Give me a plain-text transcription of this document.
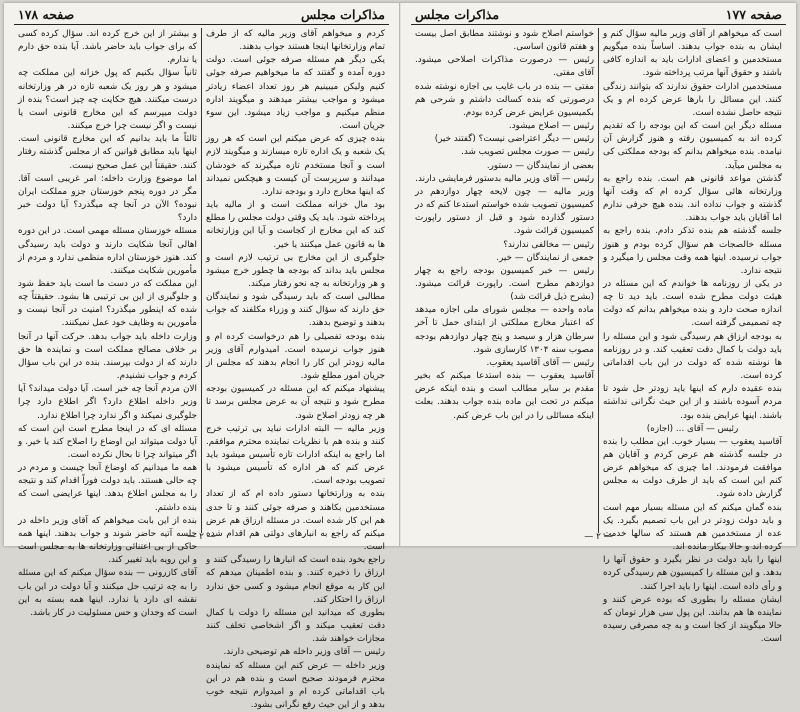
مذاکرات مجلس
صفحه ۱۷۸

و بیشتر از این خرج کرده اند. سؤال کرده کسی که برای جواب باید حاضر باشد. آیا بنده حق دارم یا ندارم.

ثانیاً سؤال بکنیم که پول خزانه این مملکت چه میشود و هر روز یک شعبه تازه در هر وزارتخانه درست میکنند. هیچ حکایت چه چیز است؟ بنده از دولت میپرسم که این مخارج قانونی است یا نیست و اگر نیست چرا خرج میکنند.

ثالثاً ما باید بدانیم که این مخارج قانونی است. اینها باید مطابق قوانین که از مجلس گذشته رفتار کنند. حقیقتاً این عمل صحیح نیست.

اما موضوع وزارت داخله: امر غریبی است آقا. مگر در دوره پنجم خوزستان جزو مملکت ایران نبوده؟ الآن در آنجا چه میگذرد؟ آیا دولت خبر دارد؟

مسئله خوزستان مسئله مهمی است. در این دوره اهالی آنجا شکایت دارند و دولت باید رسیدگی کند. هنوز خوزستان اداره منظمی ندارد و مردم از مأمورین شکایت میکنند.

این مملکت که در دست ما است باید حفظ شود و جلوگیری از این بی ترتیبی ها بشود. حقیقتاً چه شده که اینطور میگذرد؟ امنیت در آنجا نیست و مأمورین به وظایف خود عمل نمیکنند.

وزارت داخله باید جواب بدهد. حرکت آنها در آنجا بر خلاف مصالح مملکت است و نماینده ها حق دارند که از دولت بپرسند. بنده در این باب سؤال کردم و جواب نشنیدم.

الان مردم آنجا چه خبر است. آیا دولت میداند؟ آیا وزیر داخله اطلاع دارد؟ اگر اطلاع دارد چرا جلوگیری نمیکند و اگر ندارد چرا اطلاع ندارد.

مسئله ای که در اینجا مطرح است این است که آیا دولت میتواند این اوضاع را اصلاح کند یا خیر. و اگر میتواند چرا تا بحال نکرده است.

همه ما میدانیم که اوضاع آنجا چیست و مردم در چه حالی هستند. باید دولت فوراً اقدام کند و نتیجه را به مجلس اطلاع بدهد. اینها عرایضی است که بنده داشتم.

بنده از این بابت میخواهم که آقای وزیر داخله در جلسه آتیه حاضر شوند و جواب بدهند. اینها همه حاکی از بی اعتنائی وزارتخانه ها به مجلس است و این رویه باید تغییر کند.

آقای کازرونی — بنده سؤال میکنم که این مسئله را به چه ترتیب حل میکنند و آیا دولت در این باب نقشه ای دارد یا ندارد. اینها همه بسته به این است که وجدان و حس مسئولیت در کار باشد.

کردم و میخواهم آقای وزیر مالیه که از طرف تمام وزارتخانها اینجا هستند جواب بدهند.

یکی دیگر هم مسئله صرفه جوئی است. دولت دوره آمده و گفتند که ما میخواهیم صرفه جوئی کنیم ولیکن میبینیم هر روز تعداد اعضاء زیادتر میشود و مواجب بیشتر میدهند و میگویند اداره منظم میکنیم و مواجب زیاد میشود. این سوء جریان است.

بنده چیزی که عرض میکنم این است که هر روز یک شعبه و یک اداره تازه میسازند و میگویند لازم است و آنجا مستخدم تازه میگیرند که خودشان میدانند و سرپرست آن کیست و هیچکس نمیداند که اینها مخارج دارد و بودجه ندارد.

بود مال خزانه مملکت است و از مالیه باید پرداخته شود. باید یک وقتی دولت مجلس را مطلع کند که این مخارج از کجاست و آیا این وزارتخانه ها به قانون عمل میکنند یا خیر.

جلوگیری از این مخارج بی ترتیب لازم است و مجلس باید بداند که بودجه ها چطور خرج میشود و هر وزارتخانه به چه نحو رفتار میکند.

مطالبی است که باید رسیدگی شود و نمایندگان حق دارند که سؤال کنند و وزراء مکلفند که جواب بدهند و توضیح بدهند.

بنده بودجه تفصیلی را هم درخواست کرده ام و هنوز جواب نرسیده است. امیدوارم آقای وزیر مالیه زودتر این کار را انجام بدهند که مجلس از جریان امور مطلع شود.

پیشنهاد میکنم که این مسئله در کمیسیون بودجه مطرح شود و نتیجه آن به عرض مجلس برسد تا هر چه زودتر اصلاح شود.

وزیر مالیه — البته ادارات نباید بی ترتیب خرج کنند و بنده هم با نظریات نماینده محترم موافقم. اما راجع به اینکه ادارات تازه تأسیس میشود باید عرض کنم که هر اداره که تأسیس میشود با تصویب بودجه است.

بنده به وزارتخانها دستور داده ام که از تعداد مستخدمین بکاهند و صرفه جوئی کنند و تا حدی هم این کار شده است. در مسئله ارزاق هم عرض میکنم که راجع به انبارهای دولتی هم اقدام شده است.

راجع بخود بنده است که انبارها را رسیدگی کنند و ارزاق را ذخیره کنند. و بنده اطمینان میدهم که این کار به موقع انجام میشود و کسی حق ندارد ارزاق را احتکار کند.

بطوری که میدانید این مسئله را دولت با کمال دقت تعقیب میکند و اگر اشخاصی تخلف کنند مجازات خواهند شد.

رئیس — آقای وزیر داخله هم توضیحی دارند.

وزیر داخله — عرض کنم این مسئله که نماینده محترم فرمودند صحیح است و بنده هم در این باب اقداماتی کرده ام و امیدوارم نتیجه خوب بدهد و از این حیث رفع نگرانی بشود.

— ۲ —
صفحه ۱۷۷
مذاکرات مجلس

خواستم اصلاح شود و نوشتند مطابق اصل بیست و هفتم قانون اساسی.

رئیس — درصورت مذاکرات اصلاحی میشود. آقای مفتی.

مفتی — بنده در باب غایب بی اجازه نوشته شده درصورتی که بنده کسالت داشتم و شرحی هم بکمیسیون عرایض عرض کرده بودم.

رئیس — اصلاح میشود.

رئیس — دیگر اعتراضی نیست؟ (گفتند خیر)

رئیس — صورت مجلس تصویب شد.

بعضی از نمایندگان — دستور.

رئیس — آقای وزیر مالیه بدستور فرمایشی دارند.

وزیر مالیه — چون لایحه چهار دوازدهم در کمیسیون تصویب شده خواستم استدعا کنم که در دستور گذارده شود و قبل از دستور راپورت کمیسیون قرائت شود.

رئیس — مخالفی ندارند؟

جمعی از نمایندگان — خیر.

رئیس — خبر کمیسیون بودجه راجع به چهار دوازدهم مطرح است. راپورت قرائت میشود. (بشرح ذیل قرائت شد)

ماده واحده — مجلس شورای ملی اجازه میدهد که اعتبار مخارج مملکتی از ابتدای حمل تا آخر سرطان هزار و سیصد و پنج چهار دوازدهم بودجه مصوب سنه ۱۳۰۴ کارسازی شود.

رئیس — آقای آقاسید یعقوب.

آقاسید یعقوب — بنده استدعا میکنم که بخیر مقدم بر سایر مطالب است و بنده اینکه عرض میکنم در تحت این ماده بنده جواب بدهند. بعلت اینکه مسائلی را در این باب عرض کنم.

است که میخواهم از آقای وزیر مالیه سؤال کنم و ایشان به بنده جواب بدهند. اساساً بنده میگویم مستخدمین و اعضای ادارات باید به اندازه کافی باشند و حقوق آنها مرتب پرداخته شود.

مستخدمین ادارات حقوق ندارند که بتوانند زندگی کنند. این مسائل را بارها عرض کرده ام و یک نتیجه حاصل نشده است.

مسئله دیگر این است که این بودجه را که تقدیم کرده اند به کمیسیون رفته و هنوز گزارش آن نیامده. بنده میخواهم بدانم که بودجه مملکتی کی به مجلس میآید.

گذشتن مواعد قانونی هم است. بنده راجع به وزارتخانه هائی سؤال کرده ام که وقت آنها گذشته و جواب نداده اند. بنده هیچ حرفی ندارم اما آقایان باید جواب بدهند.

جلسه گذشته هم بنده تذکر دادم. بنده راجع به مسئله خالصجات هم سؤال کرده بودم و هنوز جواب نرسیده. اینها همه وقت مجلس را میگیرد و نتیجه ندارد.

در یکی از روزنامه ها خواندم که این مسئله در هیئت دولت مطرح شده است. باید دید تا چه اندازه صحت دارد و بنده میخواهم بدانم که دولت چه تصمیمی گرفته است.

به بودجه ارزاق هم رسیدگی شود و این مسئله را باید دولت با کمال دقت تعقیب کند. و در روزنامه ها نوشته شده که دولت در این باب اقداماتی کرده است.

بنده عقیده دارم که اینها باید زودتر حل شود تا مردم آسوده باشند و از این حیث نگرانی نداشته باشند. اینها عرایض بنده بود.

رئیس — آقای ... (اجازه)

آقاسید یعقوب — بسیار خوب. این مطلب را بنده در جلسه گذشته هم عرض کردم و آقایان هم موافقت فرمودند. اما چیزی که میخواهم عرض کنم این است که باید از طرف دولت به مجلس گزارش داده شود.

بنده گمان میکنم که این مسئله بسیار مهم است و باید دولت زودتر در این باب تصمیم بگیرد. یک عده از مستخدمین هم هستند که سالها خدمت کرده اند و حالا بیکار مانده اند.

اینها را باید دولت در نظر بگیرد و حقوق آنها را بدهد. و این مسئله را کمیسیون هم رسیدگی کرده و رأی داده است. اینها را باید اجرا کنند.

ایشان مسئله را بطوری که بوده عرض کنند و نماینده ها هم بدانند. این پول سی هزار تومان که حالا میگویند از کجا است و به چه مصرفی رسیده است.

— ۲ —
